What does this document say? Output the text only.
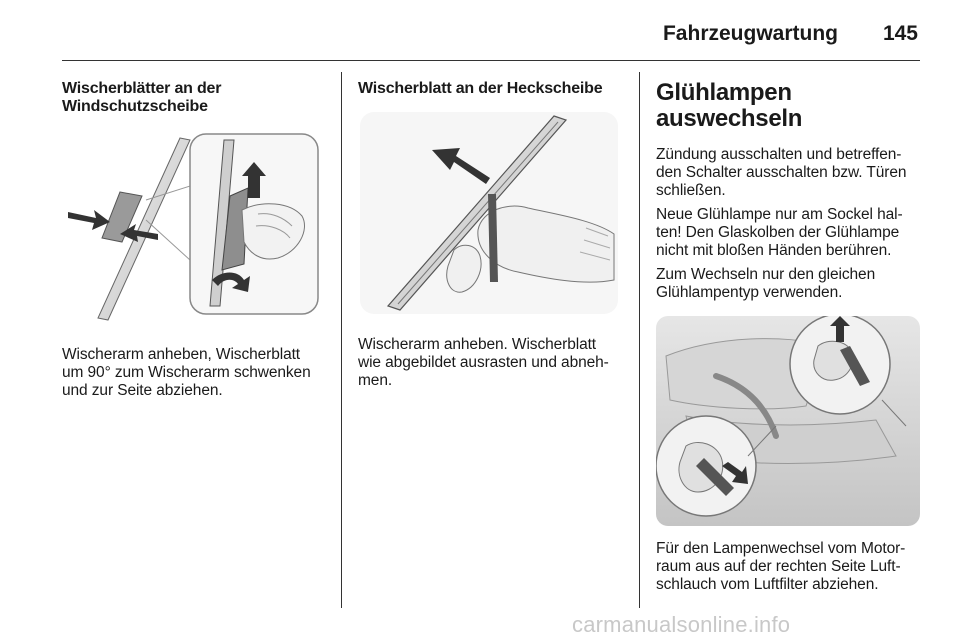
Fahrzeugwartung 145
Wischerblätter an der
Windschutzscheibe

Wischerarm anheben, Wischerblatt
um 90° zum Wischerarm schwenken
und zur Seite abziehen.

Wischerblatt an der Heckscheibe

Wischerarm anheben. Wischerblatt
wie abgebildet ausrasten und abneh-
men.

Glühlampen
auswechseln

Zündung ausschalten und betreffen-
den Schalter ausschalten bzw. Türen
schließen.

Neue Glühlampe nur am Sockel hal-
ten! Den Glaskolben der Glühlampe
nicht mit bloßen Händen berühren.

Zum Wechseln nur den gleichen
Glühlampentyp verwenden.

Für den Lampenwechsel vom Motor-
raum aus auf der rechten Seite Luft-
schlauch vom Luftfilter abziehen.

carmanualsonline.info
